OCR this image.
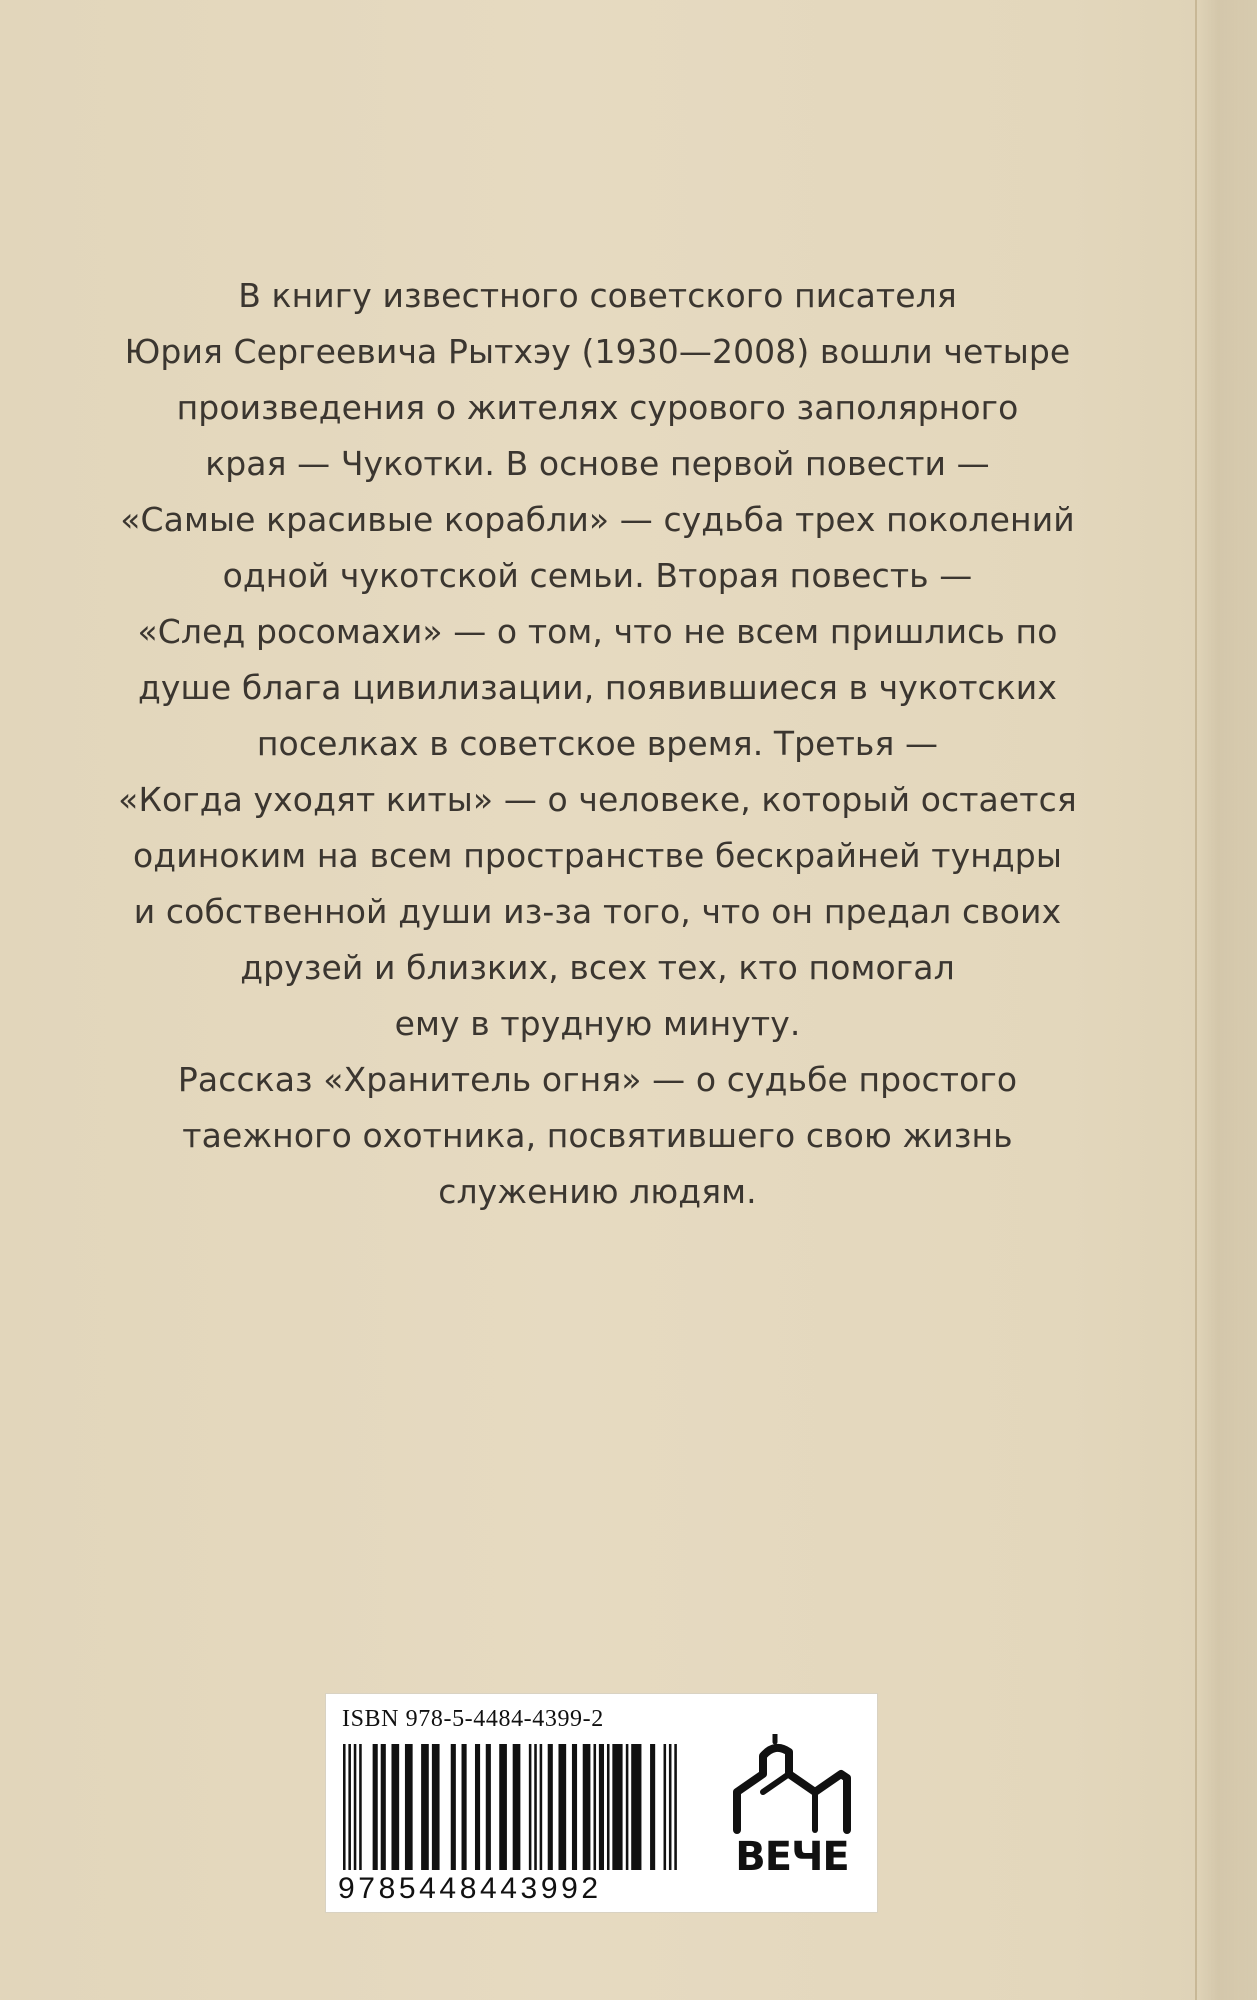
В книгу известного советского писателя
Юрия Сергеевича Рытхэу (1930—2008) вошли четыре
произведения о жителях сурового заполярного
края — Чукотки. В основе первой повести —
«Самые красивые корабли» — судьба трех поколений
одной чукотской семьи. Вторая повесть —
«След росомахи» — о том, что не всем пришлись по
душе блага цивилизации, появившиеся в чукотских
поселках в советское время. Третья —
«Когда уходят киты» — о человеке, который остается
одиноким на всем пространстве бескрайней тундры
и собственной души из-за того, что он предал своих
друзей и близких, всех тех, кто помогал
ему в трудную минуту.
Рассказ «Хранитель огня» — о судьбе простого
таежного охотника, посвятившего свою жизнь
служению людям.
ISBN 978-5-4484-4399-2
9785448443992
ВЕЧЕ
